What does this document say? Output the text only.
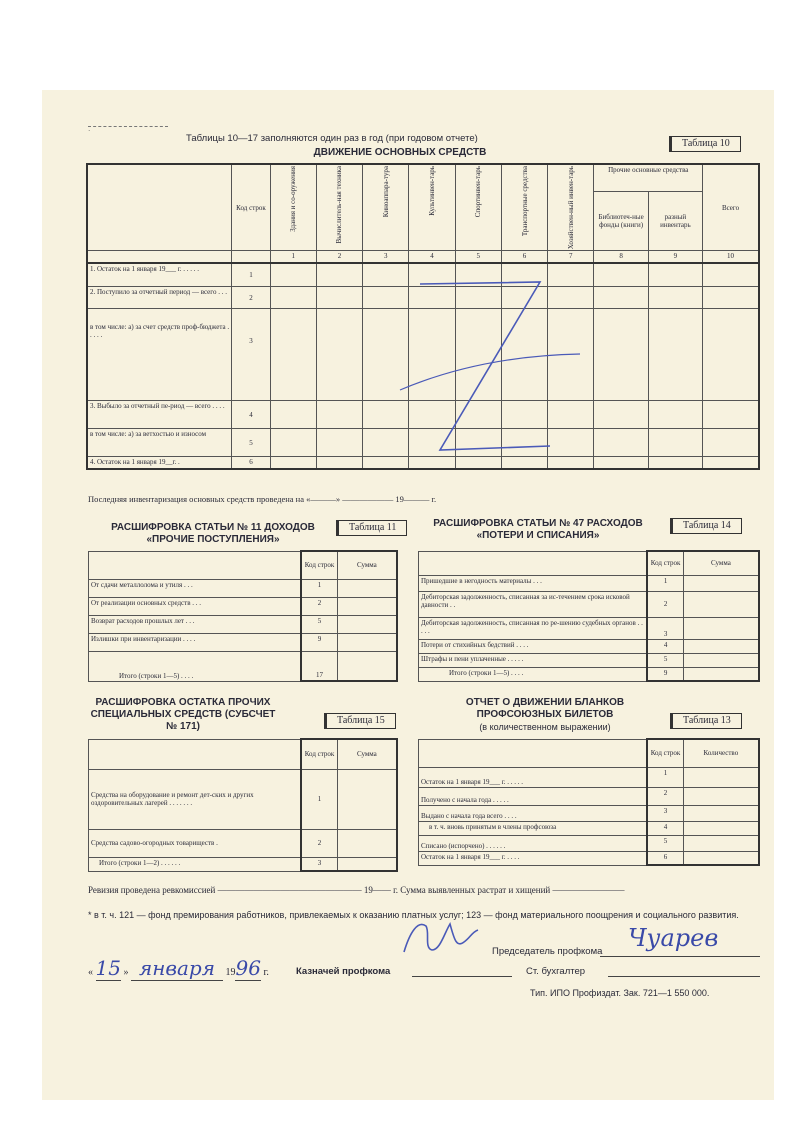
·
Таблицы 10—17 заполняются один раз в год (при годовом отчете)	Таблица 10
ДВИЖЕНИЕ ОСНОВНЫХ СРЕДСТВ
	Код строк	Здания и со-оружения	Вычислитель-ная техника	Киноаппара-тура	Культинвен-тарь	Спортинвен-тарь	Транспортные средства	Хозяйствен-ный инвен-тарь	Прочие основные средства		Всего
									Библиотеч-ные фонды (книги)	разный инвентарь	
		1	2	3	4	5	6	7	8	9	10
1. Остаток на 1 января 19___ г. . . . . .	1										
2. Поступило за отчетный период — всего . . .	2										
в том числе: а) за счет средств проф-бюджета . . . . .	3										
3. Выбыло за отчетный пе-риод — всего . . . .	4										
в том числе: а) за ветхостью и износом	5										
4. Остаток на 1 января 19__г. .	6										
Последняя инвентаризация основных средств проведена на «———» —————— 19——— г.
РАСШИФРОВКА СТАТЬИ № 11 ДОХОДОВ «ПРОЧИЕ ПОСТУПЛЕНИЯ»
Таблица 11
	Код строк	Сумма
От сдачи металлолома и утиля . . .	1	
От реализации основных средств . . .	2	
Возврат расходов прошлых лет . . .	5	
Излишки при инвентаризации . . . .	9	
Итого (строки 1—5) . . . .	17	
РАСШИФРОВКА СТАТЬИ № 47 РАСХОДОВ «ПОТЕРИ И СПИСАНИЯ»
Таблица 14
	Код строк	Сумма
Пришедшие в негодность материалы . . .	1	
Дебиторская задолженность, списанная за ис-течением срока исковой давности . .	2	
Дебиторская задолженность, списанная по ре-шению судебных органов . . . . .	3	
Потери от стихийных бедствий . . . .	4	
Штрафы и пени уплаченные . . . . .	5	
Итого (строки 1—5) . . . .	9	
РАСШИФРОВКА ОСТАТКА ПРОЧИХ СПЕЦИАЛЬНЫХ СРЕДСТВ (СУБСЧЕТ № 171)
Таблица 15
	Код строк	Сумма
Средства на оборудование и ремонт дет-ских и других оздоровительных лагерей . . . . . . .	1	
Средства садово-огородных товариществ .	2	
Итого (строки 1—2) . . . . . .	3	
ОТЧЕТ О ДВИЖЕНИИ БЛАНКОВ ПРОФСОЮЗНЫХ БИЛЕТОВ
(в количественном выражении)
Таблица 13
	Код строк	Количество
Остаток на 1 января 19___ г. . . . . .	1	
Получено с начала года . . . . .	2	
Выдано с начала года всего . . . .	3	
в т. ч. вновь принятым в члены профсоюза	4	
Списано (испорчено) . . . . . .	5	
Остаток на 1 января 19___ г. . . . .	6	
Ревизия проведена ревкомиссией ———————————————— 19—— г. Сумма выявленных растрат и хищений ————————
* в т. ч. 121 — фонд премирования работников, привлекаемых к оказанию платных услуг; 123 — фонд материального поощрения и социального развития.
Председатель профкома Чуарев
« 15 » января 1996 г.	Казначей профкома	Ст. бухгалтер
Тип. ИПО Профиздат. Зак. 721—1 550 000.
